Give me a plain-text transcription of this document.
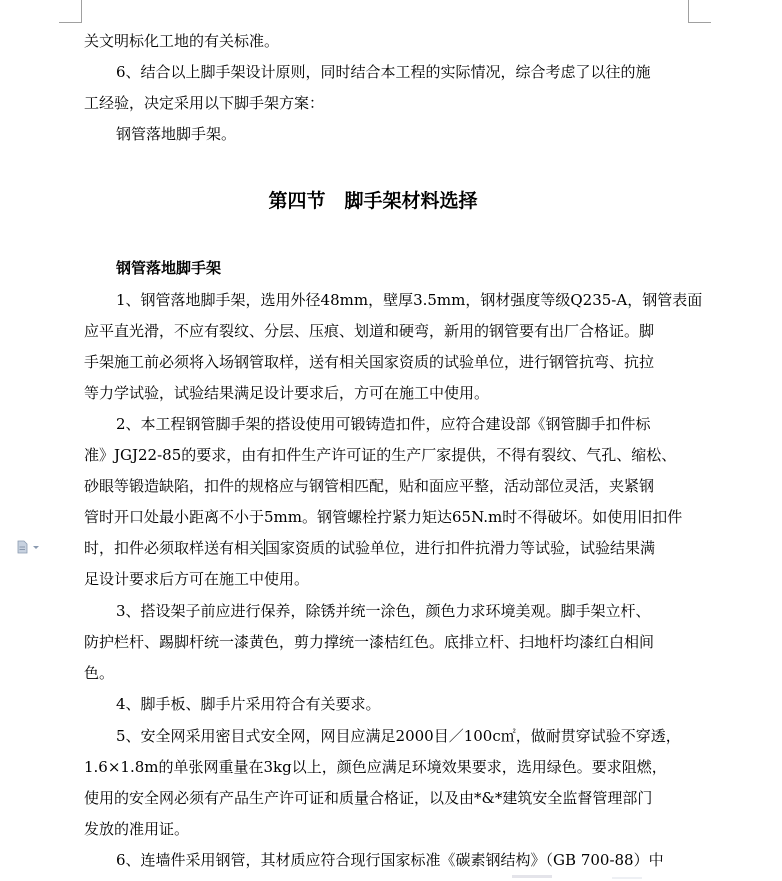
关文明标化工地的有关标准。
6、结合以上脚手架设计原则，同时结合本工程的实际情况，综合考虑了以往的施
工经验，决定采用以下脚手架方案：
钢管落地脚手架。
第四节　脚手架材料选择
钢管落地脚手架
1、钢管落地脚手架，选用外径48mm，壁厚3.5mm，钢材强度等级Q235-A，钢管表面
应平直光滑，不应有裂纹、分层、压痕、划道和硬弯，新用的钢管要有出厂合格证。脚
手架施工前必须将入场钢管取样，送有相关国家资质的试验单位，进行钢管抗弯、抗拉
等力学试验，试验结果满足设计要求后，方可在施工中使用。
2、本工程钢管脚手架的搭设使用可锻铸造扣件，应符合建设部《钢管脚手扣件标
准》JGJ22-85的要求，由有扣件生产许可证的生产厂家提供，不得有裂纹、气孔、缩松、
砂眼等锻造缺陷，扣件的规格应与钢管相匹配，贴和面应平整，活动部位灵活，夹紧钢
管时开口处最小距离不小于5mm。钢管螺栓拧紧力矩达65N.m时不得破坏。如使用旧扣件
时，扣件必须取样送有相关国家资质的试验单位，进行扣件抗滑力等试验，试验结果满
足设计要求后方可在施工中使用。
3、搭设架子前应进行保养，除锈并统一涂色，颜色力求环境美观。脚手架立杆、
防护栏杆、踢脚杆统一漆黄色，剪力撑统一漆桔红色。底排立杆、扫地杆均漆红白相间
色。
4、脚手板、脚手片采用符合有关要求。
5、安全网采用密目式安全网，网目应满足2000目／100c㎡，做耐贯穿试验不穿透，
1.6×1.8m的单张网重量在3kg以上，颜色应满足环境效果要求，选用绿色。要求阻燃，
使用的安全网必须有产品生产许可证和质量合格证，以及由*&*建筑安全监督管理部门
发放的准用证。
6、连墙件采用钢管，其材质应符合现行国家标准《碳素钢结构》（GB 700-88）中
